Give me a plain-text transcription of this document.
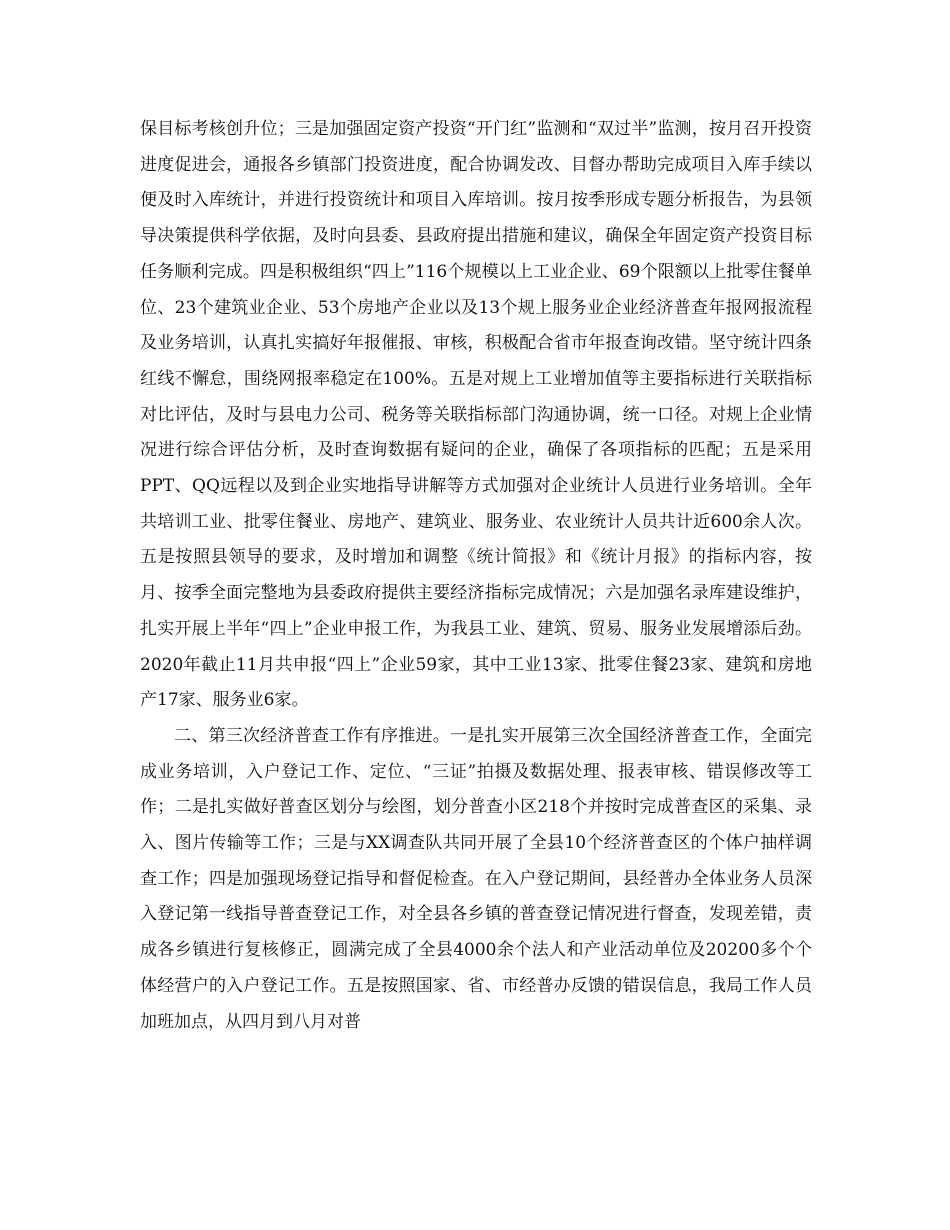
保目标考核创升位；三是加强固定资产投资“开门红”监测和“双过半”监测，按月召开投资进度促进会，通报各乡镇部门投资进度，配合协调发改、目督办帮助完成项目入库手续以便及时入库统计，并进行投资统计和项目入库培训。按月按季形成专题分析报告，为县领导决策提供科学依据，及时向县委、县政府提出措施和建议，确保全年固定资产投资目标任务顺利完成。四是积极组织“四上”116个规模以上工业企业、69个限额以上批零住餐单位、23个建筑业企业、53个房地产企业以及13个规上服务业企业经济普查年报网报流程及业务培训，认真扎实搞好年报催报、审核，积极配合省市年报查询改错。坚守统计四条红线不懈怠，围绕网报率稳定在100%。五是对规上工业增加值等主要指标进行关联指标对比评估，及时与县电力公司、税务等关联指标部门沟通协调，统一口径。对规上企业情况进行综合评估分析，及时查询数据有疑问的企业，确保了各项指标的匹配；五是采用PPT、QQ远程以及到企业实地指导讲解等方式加强对企业统计人员进行业务培训。全年共培训工业、批零住餐业、房地产、建筑业、服务业、农业统计人员共计近600余人次。五是按照县领导的要求，及时增加和调整《统计简报》和《统计月报》的指标内容，按月、按季全面完整地为县委政府提供主要经济指标完成情况；六是加强名录库建设维护，扎实开展上半年“四上”企业申报工作，为我县工业、建筑、贸易、服务业发展增添后劲。2020年截止11月共申报“四上”企业59家，其中工业13家、批零住餐23家、建筑和房地产17家、服务业6家。

二、第三次经济普查工作有序推进。一是扎实开展第三次全国经济普查工作，全面完成业务培训，入户登记工作、定位、“三证”拍摄及数据处理、报表审核、错误修改等工作；二是扎实做好普查区划分与绘图，划分普查小区218个并按时完成普查区的采集、录入、图片传输等工作；三是与XX调查队共同开展了全县10个经济普查区的个体户抽样调查工作；四是加强现场登记指导和督促检查。在入户登记期间，县经普办全体业务人员深入登记第一线指导普查登记工作，对全县各乡镇的普查登记情况进行督查，发现差错，责成各乡镇进行复核修正，圆满完成了全县4000余个法人和产业活动单位及20200多个个体经营户的入户登记工作。五是按照国家、省、市经普办反馈的错误信息，我局工作人员加班加点，从四月到八月对普
